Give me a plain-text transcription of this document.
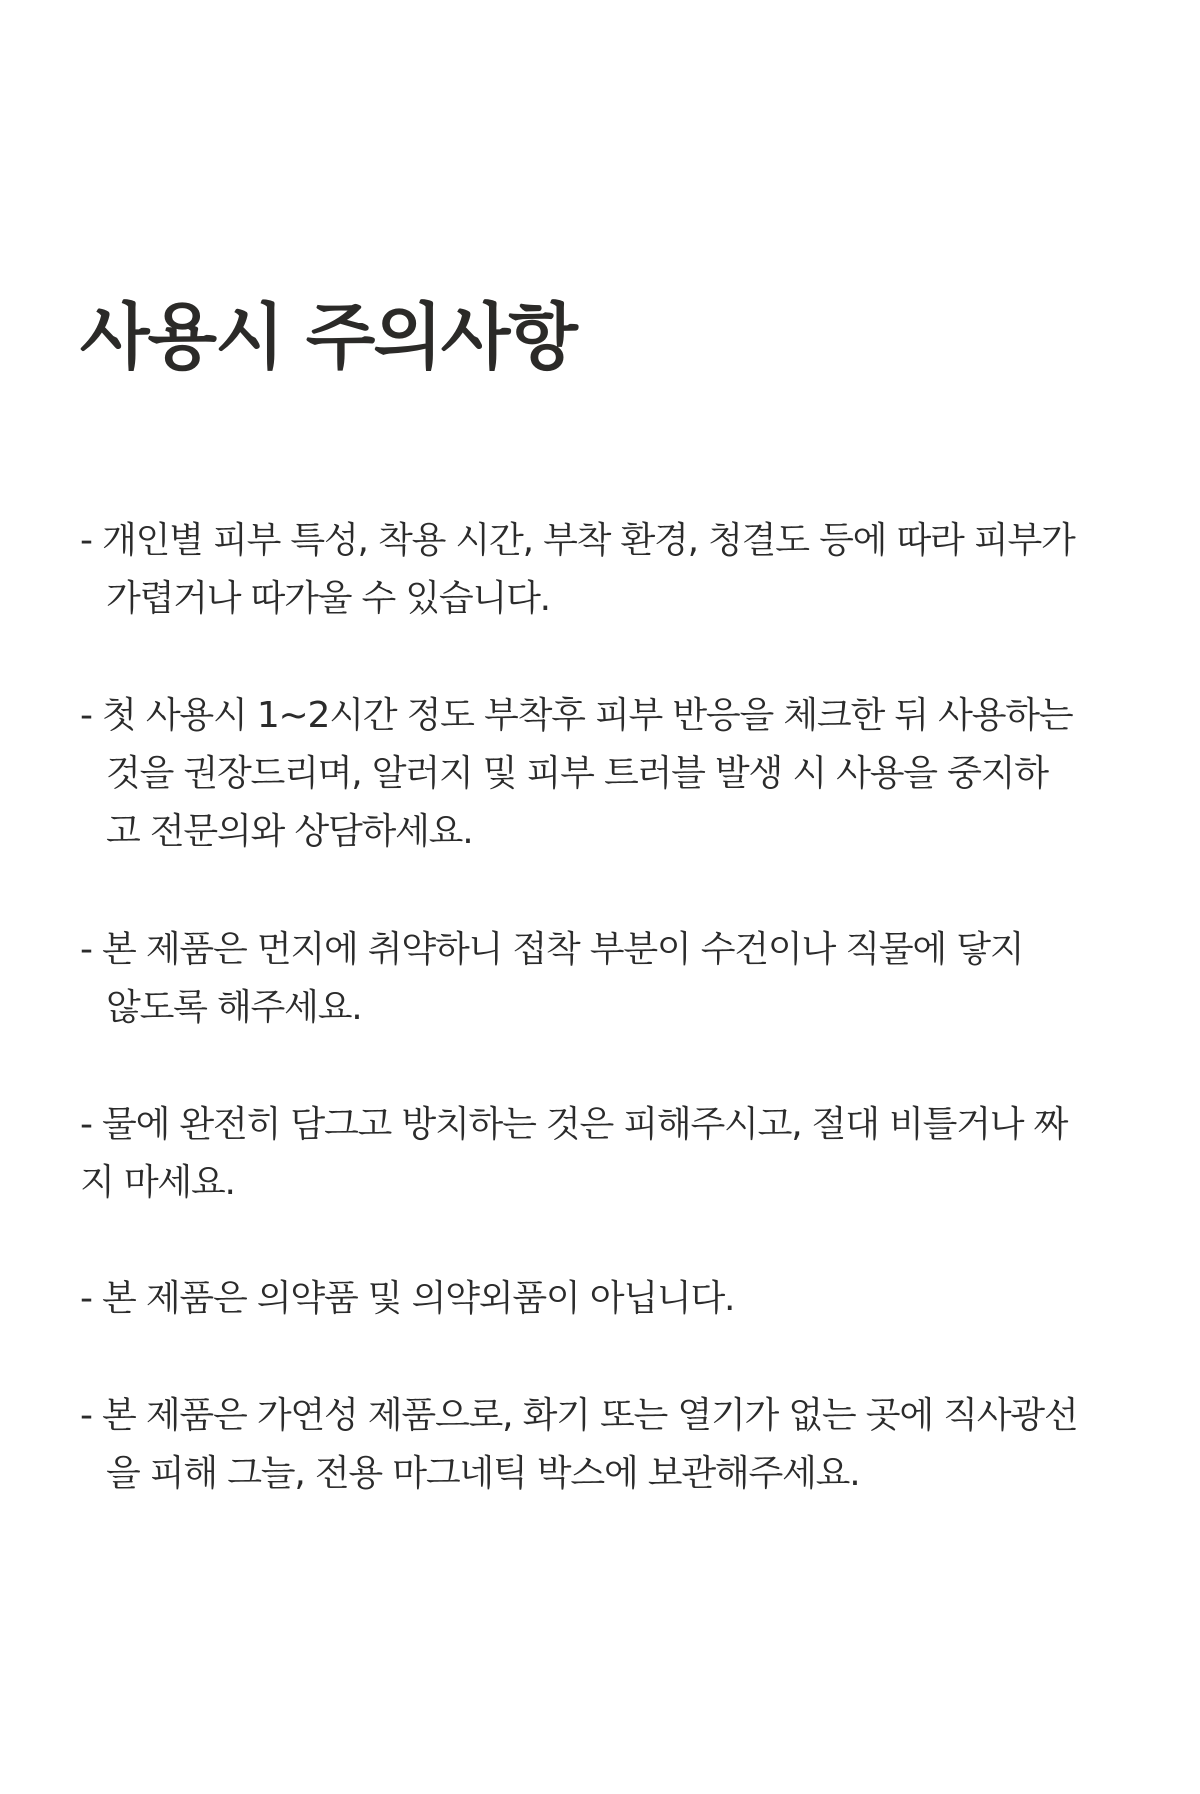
사용시 주의사항
- 개인별 피부 특성, 착용 시간, 부착 환경, 청결도 등에 따라 피부가
가렵거나 따가울 수 있습니다.
- 첫 사용시 1~2시간 정도 부착후 피부 반응을 체크한 뒤 사용하는
것을 권장드리며, 알러지 및 피부 트러블 발생 시 사용을 중지하
고 전문의와 상담하세요.
- 본 제품은 먼지에 취약하니 접착 부분이 수건이나 직물에 닿지
않도록 해주세요.
- 물에 완전히 담그고 방치하는 것은 피해주시고, 절대 비틀거나 짜
지 마세요.
- 본 제품은 의약품 및 의약외품이 아닙니다.
- 본 제품은 가연성 제품으로, 화기 또는 열기가 없는 곳에 직사광선
을 피해 그늘, 전용 마그네틱 박스에 보관해주세요.
